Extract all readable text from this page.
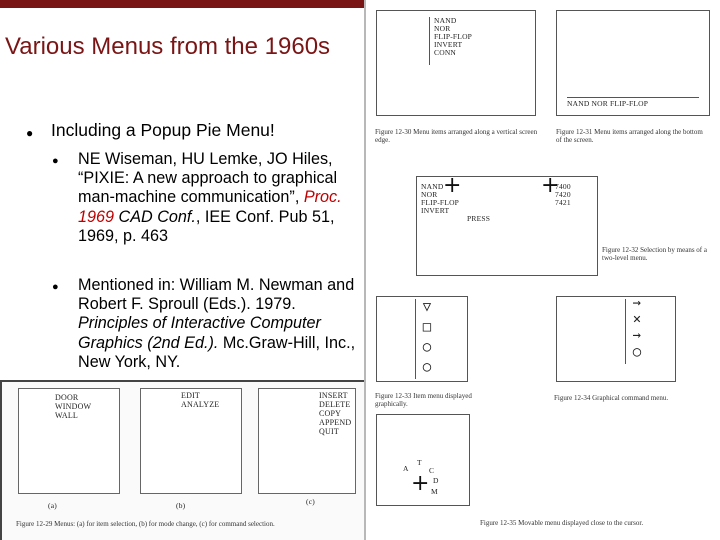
Various Menus from the 1960s
● Including a Popup Pie Menu!
● NE Wiseman, HU Lemke, JO Hiles, “PIXIE: A new approach to graphical man-machine communication”, Proc. 1969 CAD Conf., IEE Conf. Pub 51, 1969, p. 463
● Mentioned in: William M. Newman and Robert F. Sproull (Eds.). 1979. Principles of Interactive Computer Graphics (2nd Ed.). Mc.Graw-Hill, Inc., New York, NY.
NAND
NOR
FLIP-FLOP
INVERT
CONN
Figure 12-30 Menu items arranged along a vertical screen edge.
NAND NOR FLIP-FLOP
Figure 12-31 Menu items arranged along the bottom of the screen.
NAND
NOR
FLIP-FLOP
INVERT
+
PRESS
+
7400
7420
7421
Figure 12-32 Selection by means of a two-level menu.
▽□○○
Figure 12-33 Item menu displayed graphically.
↑×↑○
Figure 12-34 Graphical command menu.
A
T
C
+ D
M
Figure 12-35 Movable menu displayed close to the cursor.
DOOR
WINDOW
WALL
EDIT
ANALYZE
INSERT
DELETE
COPY
APPEND
QUIT
(a)	(b)	(c)
Figure 12-29 Menus: (a) for item selection, (b) for mode change, (c) for command selection.
